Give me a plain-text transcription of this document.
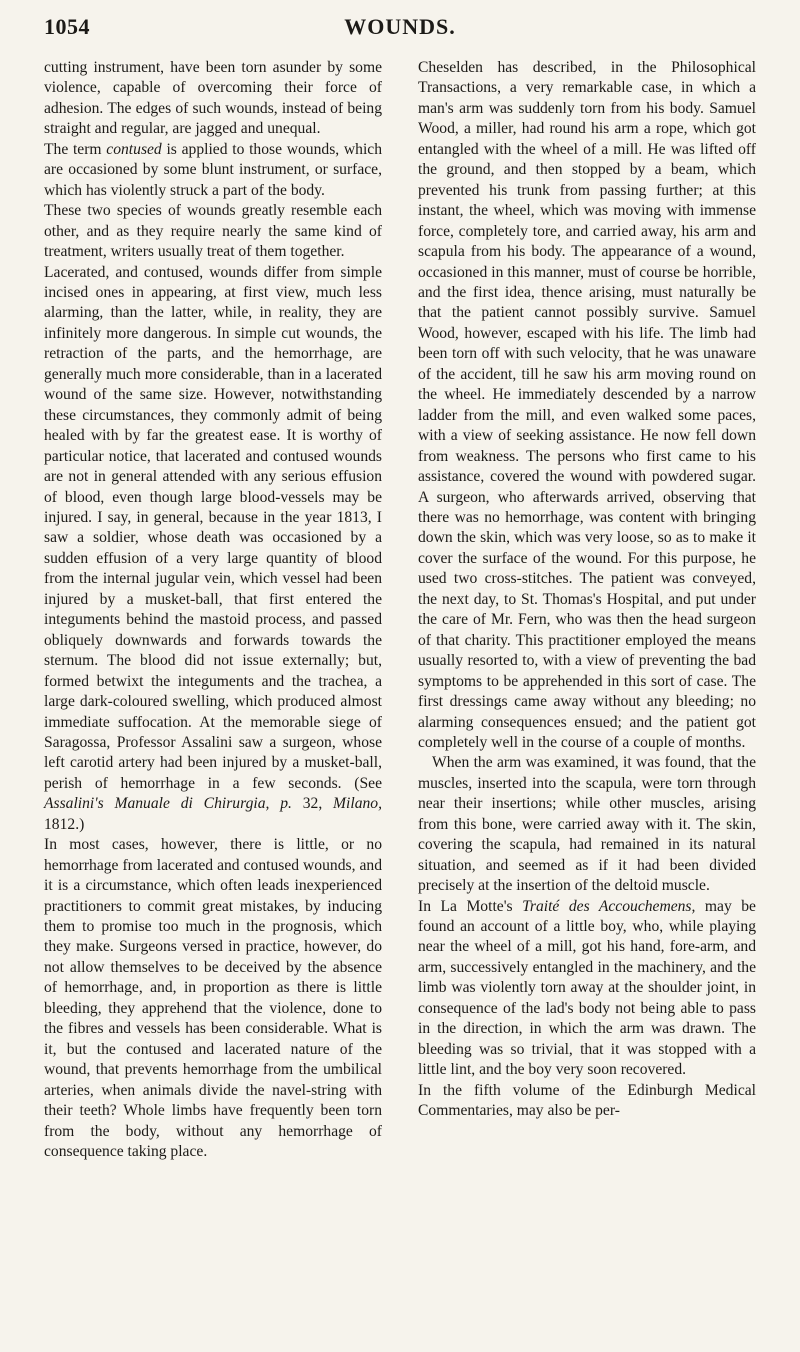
1054	WOUNDS.

cutting instrument, have been torn asunder by some violence, capable of overcoming their force of adhesion. The edges of such wounds, instead of being straight and regular, are jagged and unequal.

The term contused is applied to those wounds, which are occasioned by some blunt instrument, or surface, which has violently struck a part of the body.

These two species of wounds greatly resemble each other, and as they require nearly the same kind of treatment, writers usually treat of them together.

Lacerated, and contused, wounds differ from simple incised ones in appearing, at first view, much less alarming, than the latter, while, in reality, they are infinitely more dangerous. In simple cut wounds, the retraction of the parts, and the hemorrhage, are generally much more considerable, than in a lacerated wound of the same size. However, notwithstanding these circumstances, they commonly admit of being healed with by far the greatest ease. It is worthy of particular notice, that lacerated and contused wounds are not in general attended with any serious effusion of blood, even though large blood-vessels may be injured. I say, in general, because in the year 1813, I saw a soldier, whose death was occasioned by a sudden effusion of a very large quantity of blood from the internal jugular vein, which vessel had been injured by a musket-ball, that first entered the integuments behind the mastoid process, and passed obliquely downwards and forwards towards the sternum. The blood did not issue externally; but, formed betwixt the integuments and the trachea, a large dark-coloured swelling, which produced almost immediate suffocation. At the memorable siege of Saragossa, Professor Assalini saw a surgeon, whose left carotid artery had been injured by a musket-ball, perish of hemorrhage in a few seconds. (See Assalini's Manuale di Chirurgia, p. 32, Milano, 1812.)

In most cases, however, there is little, or no hemorrhage from lacerated and contused wounds, and it is a circumstance, which often leads inexperienced practitioners to commit great mistakes, by inducing them to promise too much in the prognosis, which they make. Surgeons versed in practice, however, do not allow themselves to be deceived by the absence of hemorrhage, and, in proportion as there is little bleeding, they apprehend that the violence, done to the fibres and vessels has been considerable. What is it, but the contused and lacerated nature of the wound, that prevents hemorrhage from the umbilical arteries, when animals divide the navel-string with their teeth? Whole limbs have frequently been torn from the body, without any hemorrhage of consequence taking place.

Cheselden has described, in the Philosophical Transactions, a very remarkable case, in which a man's arm was suddenly torn from his body. Samuel Wood, a miller, had round his arm a rope, which got entangled with the wheel of a mill. He was lifted off the ground, and then stopped by a beam, which prevented his trunk from passing further; at this instant, the wheel, which was moving with immense force, completely tore, and carried away, his arm and scapula from his body. The appearance of a wound, occasioned in this manner, must of course be horrible, and the first idea, thence arising, must naturally be that the patient cannot possibly survive. Samuel Wood, however, escaped with his life. The limb had been torn off with such velocity, that he was unaware of the accident, till he saw his arm moving round on the wheel. He immediately descended by a narrow ladder from the mill, and even walked some paces, with a view of seeking assistance. He now fell down from weakness. The persons who first came to his assistance, covered the wound with powdered sugar. A surgeon, who afterwards arrived, observing that there was no hemorrhage, was content with bringing down the skin, which was very loose, so as to make it cover the surface of the wound. For this purpose, he used two cross-stitches. The patient was conveyed, the next day, to St. Thomas's Hospital, and put under the care of Mr. Fern, who was then the head surgeon of that charity. This practitioner employed the means usually resorted to, with a view of preventing the bad symptoms to be apprehended in this sort of case. The first dressings came away without any bleeding; no alarming consequences ensued; and the patient got completely well in the course of a couple of months.

When the arm was examined, it was found, that the muscles, inserted into the scapula, were torn through near their insertions; while other muscles, arising from this bone, were carried away with it. The skin, covering the scapula, had remained in its natural situation, and seemed as if it had been divided precisely at the insertion of the deltoid muscle.

In La Motte's Traité des Accouchemens, may be found an account of a little boy, who, while playing near the wheel of a mill, got his hand, fore-arm, and arm, successively entangled in the machinery, and the limb was violently torn away at the shoulder joint, in consequence of the lad's body not being able to pass in the direction, in which the arm was drawn. The bleeding was so trivial, that it was stopped with a little lint, and the boy very soon recovered.

In the fifth volume of the Edinburgh Medical Commentaries, may also be per-
